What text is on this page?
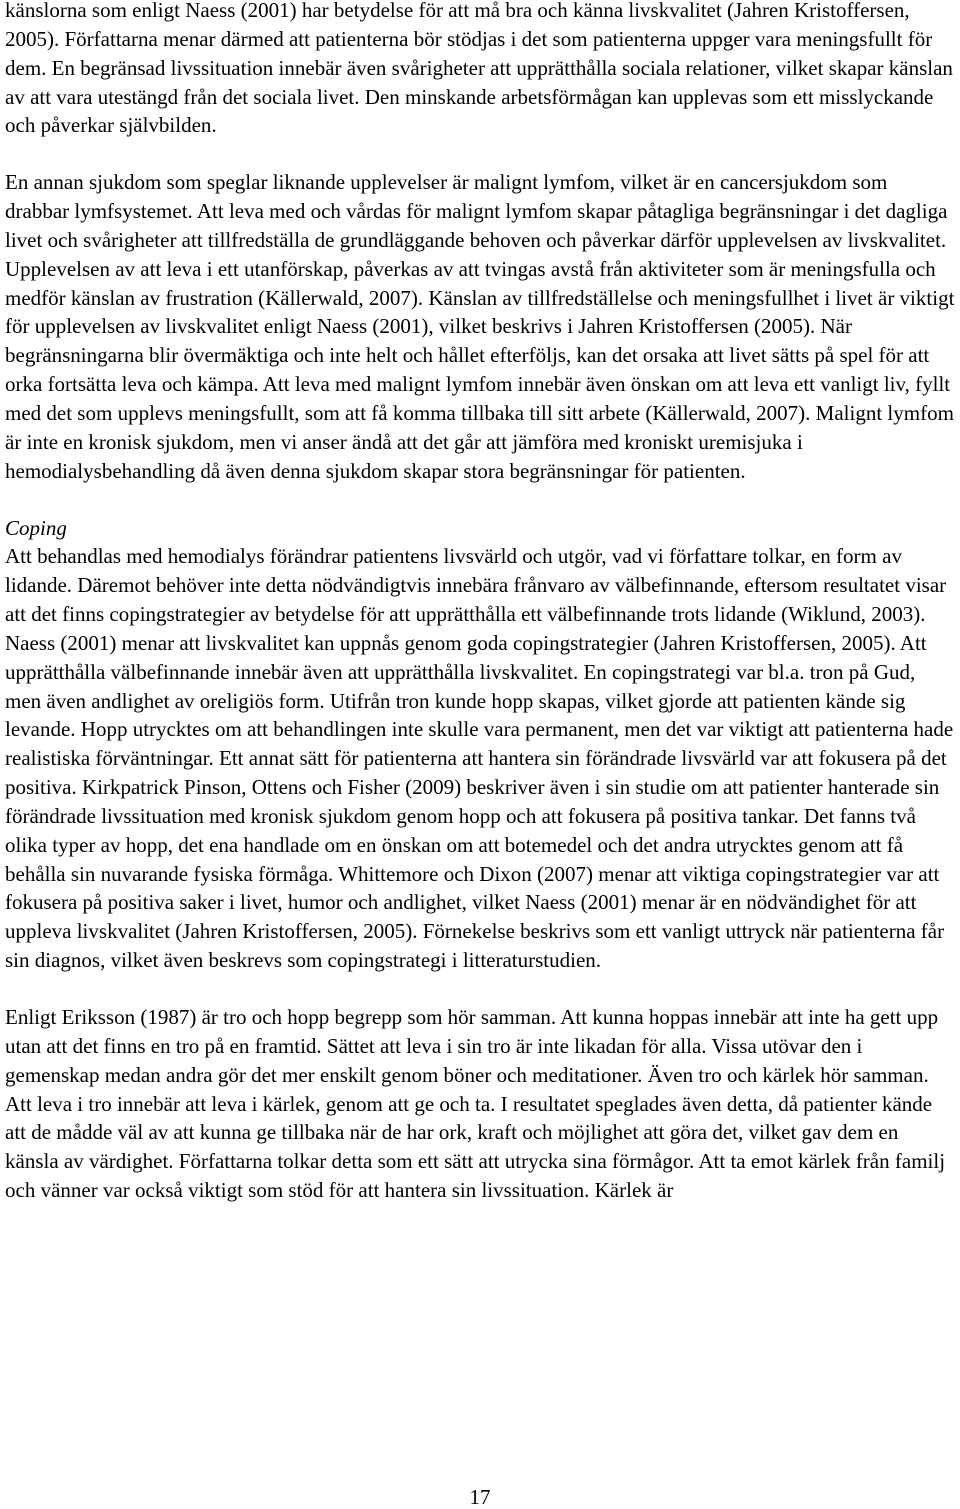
känslorna som enligt Naess (2001) har betydelse för att må bra och känna livskvalitet (Jahren Kristoffersen, 2005). Författarna menar därmed att patienterna bör stödjas i det som patienterna uppger vara meningsfullt för dem. En begränsad livssituation innebär även svårigheter att upprätthålla sociala relationer, vilket skapar känslan av att vara utestängd från det sociala livet. Den minskande arbetsförmågan kan upplevas som ett misslyckande och påverkar självbilden.

En annan sjukdom som speglar liknande upplevelser är malignt lymfom, vilket är en cancersjukdom som drabbar lymfsystemet. Att leva med och vårdas för malignt lymfom skapar påtagliga begränsningar i det dagliga livet och svårigheter att tillfredställa de grundläggande behoven och påverkar därför upplevelsen av livskvalitet. Upplevelsen av att leva i ett utanförskap, påverkas av att tvingas avstå från aktiviteter som är meningsfulla och medför känslan av frustration (Källerwald, 2007). Känslan av tillfredställelse och meningsfullhet i livet är viktigt för upplevelsen av livskvalitet enligt Naess (2001), vilket beskrivs i Jahren Kristoffersen (2005). När begränsningarna blir övermäktiga och inte helt och hållet efterföljs, kan det orsaka att livet sätts på spel för att orka fortsätta leva och kämpa. Att leva med malignt lymfom innebär även önskan om att leva ett vanligt liv, fyllt med det som upplevs meningsfullt, som att få komma tillbaka till sitt arbete (Källerwald, 2007). Malignt lymfom är inte en kronisk sjukdom, men vi anser ändå att det går att jämföra med kroniskt uremisjuka i hemodialysbehandling då även denna sjukdom skapar stora begränsningar för patienten.

Coping

Att behandlas med hemodialys förändrar patientens livsvärld och utgör, vad vi författare tolkar, en form av lidande. Däremot behöver inte detta nödvändigtvis innebära frånvaro av välbefinnande, eftersom resultatet visar att det finns copingstrategier av betydelse för att upprätthålla ett välbefinnande trots lidande (Wiklund, 2003). Naess (2001) menar att livskvalitet kan uppnås genom goda copingstrategier (Jahren Kristoffersen, 2005). Att upprätthålla välbefinnande innebär även att upprätthålla livskvalitet. En copingstrategi var bl.a. tron på Gud, men även andlighet av oreligiös form. Utifrån tron kunde hopp skapas, vilket gjorde att patienten kände sig levande. Hopp utrycktes om att behandlingen inte skulle vara permanent, men det var viktigt att patienterna hade realistiska förväntningar. Ett annat sätt för patienterna att hantera sin förändrade livsvärld var att fokusera på det positiva. Kirkpatrick Pinson, Ottens och Fisher (2009) beskriver även i sin studie om att patienter hanterade sin förändrade livssituation med kronisk sjukdom genom hopp och att fokusera på positiva tankar. Det fanns två olika typer av hopp, det ena handlade om en önskan om att botemedel och det andra utrycktes genom att få behålla sin nuvarande fysiska förmåga. Whittemore och Dixon (2007) menar att viktiga copingstrategier var att fokusera på positiva saker i livet, humor och andlighet, vilket Naess (2001) menar är en nödvändighet för att uppleva livskvalitet (Jahren Kristoffersen, 2005). Förnekelse beskrivs som ett vanligt uttryck när patienterna får sin diagnos, vilket även beskrevs som copingstrategi i litteraturstudien.

Enligt Eriksson (1987) är tro och hopp begrepp som hör samman. Att kunna hoppas innebär att inte ha gett upp utan att det finns en tro på en framtid. Sättet att leva i sin tro är inte likadan för alla. Vissa utövar den i gemenskap medan andra gör det mer enskilt genom böner och meditationer. Även tro och kärlek hör samman. Att leva i tro innebär att leva i kärlek, genom att ge och ta. I resultatet speglades även detta, då patienter kände att de mådde väl av att kunna ge tillbaka när de har ork, kraft och möjlighet att göra det, vilket gav dem en känsla av värdighet. Författarna tolkar detta som ett sätt att utrycka sina förmågor. Att ta emot kärlek från familj och vänner var också viktigt som stöd för att hantera sin livssituation. Kärlek är

17
